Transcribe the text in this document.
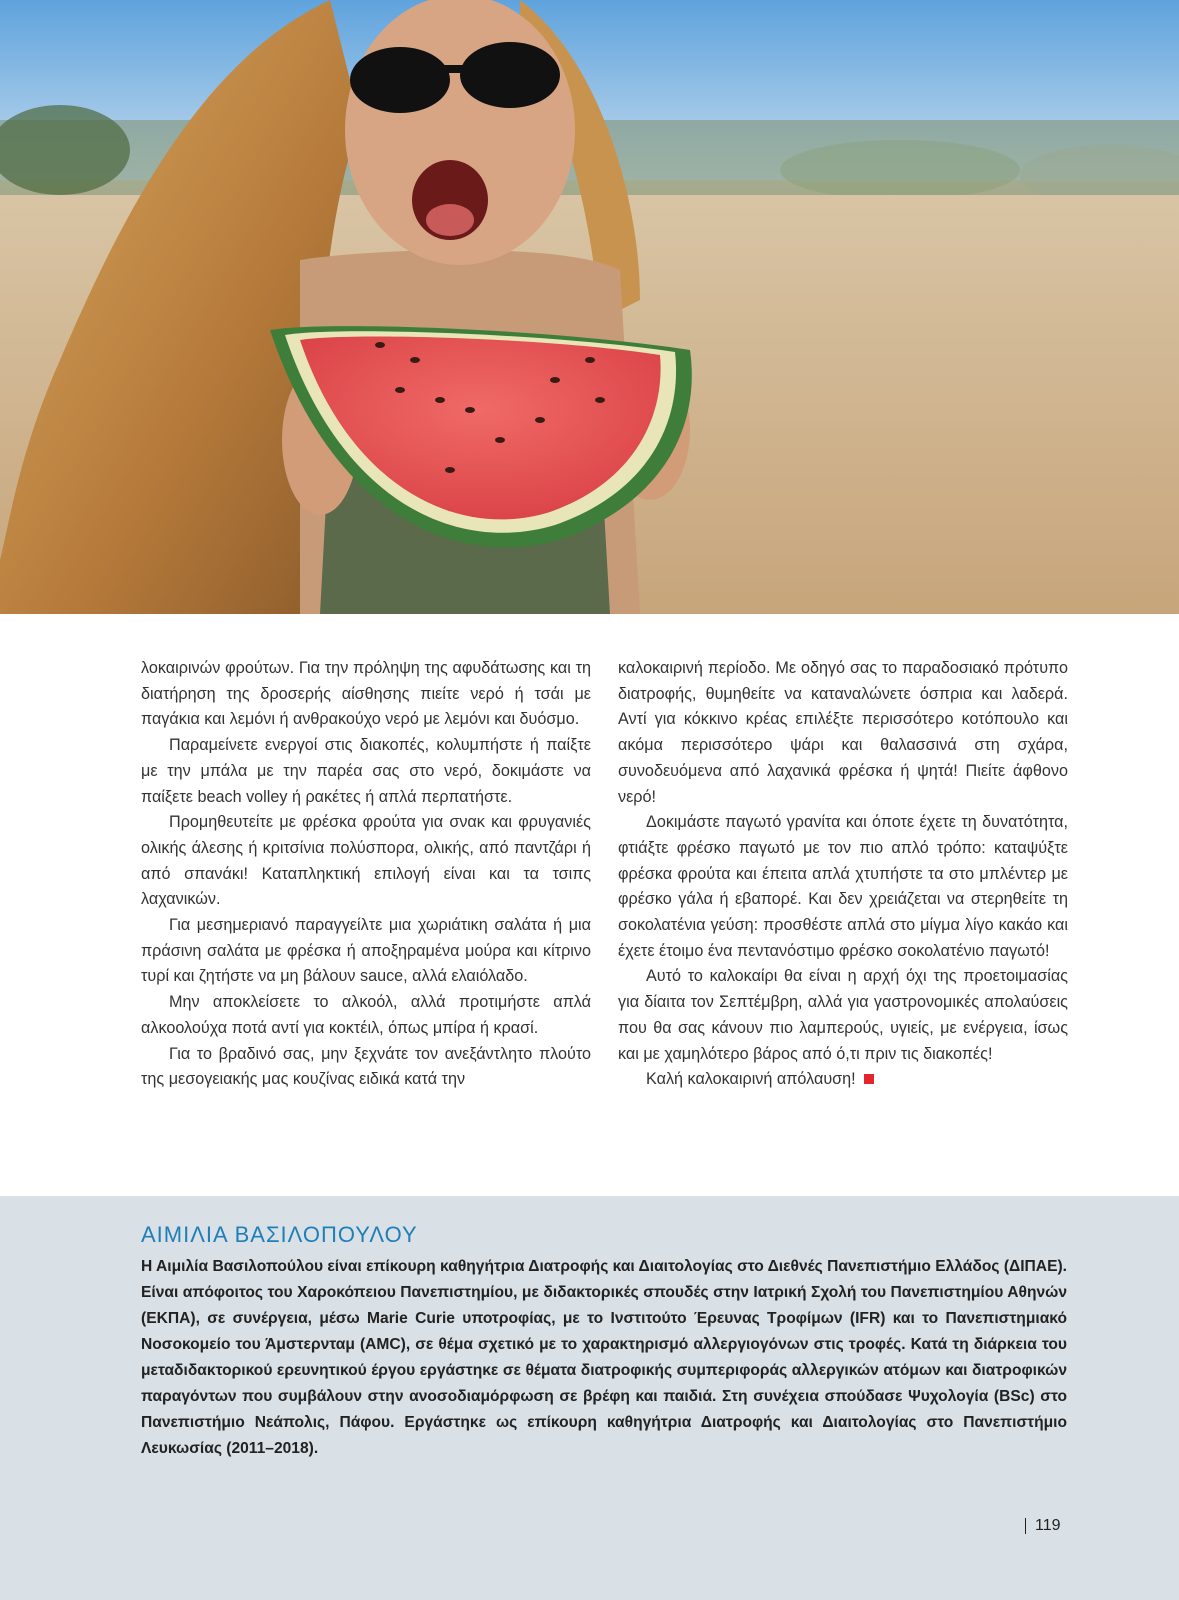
λοκαιρινών φρούτων. Για την πρόληψη της αφυδάτωσης και τη διατήρηση της δροσερής αίσθησης πιείτε νερό ή τσάι με παγάκια και λεμόνι ή ανθρακούχο νερό με λεμόνι και δυόσμο.

Παραμείνετε ενεργοί στις διακοπές, κολυμπήστε ή παίξτε με την μπάλα με την παρέα σας στο νερό, δοκιμάστε να παίξετε beach volley ή ρακέτες ή απλά περπατήστε.

Προμηθευτείτε με φρέσκα φρούτα για σνακ και φρυγανιές ολικής άλεσης ή κριτσίνια πολύσπορα, ολικής, από παντζάρι ή από σπανάκι! Καταπληκτική επιλογή είναι και τα τσιπς λαχανικών.

Για μεσημεριανό παραγγείλτε μια χωριάτικη σαλάτα ή μια πράσινη σαλάτα με φρέσκα ή αποξηραμένα μούρα και κίτρινο τυρί και ζητήστε να μη βάλουν sauce, αλλά ελαιόλαδο.

Μην αποκλείσετε το αλκοόλ, αλλά προτιμήστε απλά αλκοολούχα ποτά αντί για κοκτέιλ, όπως μπίρα ή κρασί.

Για το βραδινό σας, μην ξεχνάτε τον ανεξάντλητο πλούτο της μεσογειακής μας κουζίνας ειδικά κατά την

καλοκαιρινή περίοδο. Με οδηγό σας το παραδοσιακό πρότυπο διατροφής, θυμηθείτε να καταναλώνετε όσπρια και λαδερά. Αντί για κόκκινο κρέας επιλέξτε περισσότερο κοτόπουλο και ακόμα περισσότερο ψάρι και θαλασσινά στη σχάρα, συνοδευόμενα από λαχανικά φρέσκα ή ψητά! Πιείτε άφθονο νερό!

Δοκιμάστε παγωτό γρανίτα και όποτε έχετε τη δυνατότητα, φτιάξτε φρέσκο παγωτό με τον πιο απλό τρόπο: καταψύξτε φρέσκα φρούτα και έπειτα απλά χτυπήστε τα στο μπλέντερ με φρέσκο γάλα ή εβαπορέ. Και δεν χρειάζεται να στερηθείτε τη σοκολατένια γεύση: προσθέστε απλά στο μίγμα λίγο κακάο και έχετε έτοιμο ένα πεντανόστιμο φρέσκο σοκολατένιο παγωτό!

Αυτό το καλοκαίρι θα είναι η αρχή όχι της προετοιμασίας για δίαιτα τον Σεπτέμβρη, αλλά για γαστρονομικές απολαύσεις που θα σας κάνουν πιο λαμπερούς, υγιείς, με ενέργεια, ίσως και με χαμηλότερο βάρος από ό,τι πριν τις διακοπές!

Καλή καλοκαιρινή απόλαυση!

ΑΙΜΙΛΙΑ ΒΑΣΙΛΟΠΟΥΛΟΥ
Η Αιμιλία Βασιλοπούλου είναι επίκουρη καθηγήτρια Διατροφής και Διαιτολογίας στο Διεθνές Πανεπιστήμιο Ελλάδος (ΔΙΠΑΕ). Είναι απόφοιτος του Χαροκόπειου Πανεπιστημίου, με διδακτορικές σπουδές στην Ιατρική Σχολή του Πανεπιστημίου Αθηνών (ΕΚΠΑ), σε συνέργεια, μέσω Marie Curie υποτροφίας, με το Ινστιτούτο Έρευνας Τροφίμων (IFR) και το Πανεπιστημιακό Νοσοκομείο του Άμστερνταμ (AMC), σε θέμα σχετικό με το χαρακτηρισμό αλλεργιογόνων στις τροφές. Κατά τη διάρκεια του μεταδιδακτορικού ερευνητικού έργου εργάστηκε σε θέματα διατροφικής συμπεριφοράς αλλεργικών ατόμων και διατροφικών παραγόντων που συμβάλουν στην ανοσοδιαμόρφωση σε βρέφη και παιδιά. Στη συνέχεια σπούδασε Ψυχολογία (BSc) στο Πανεπιστήμιο Νεάπολις, Πάφου. Εργάστηκε ως επίκουρη καθηγήτρια Διατροφής και Διαιτολογίας στο Πανεπιστήμιο Λευκωσίας (2011–2018).
119
